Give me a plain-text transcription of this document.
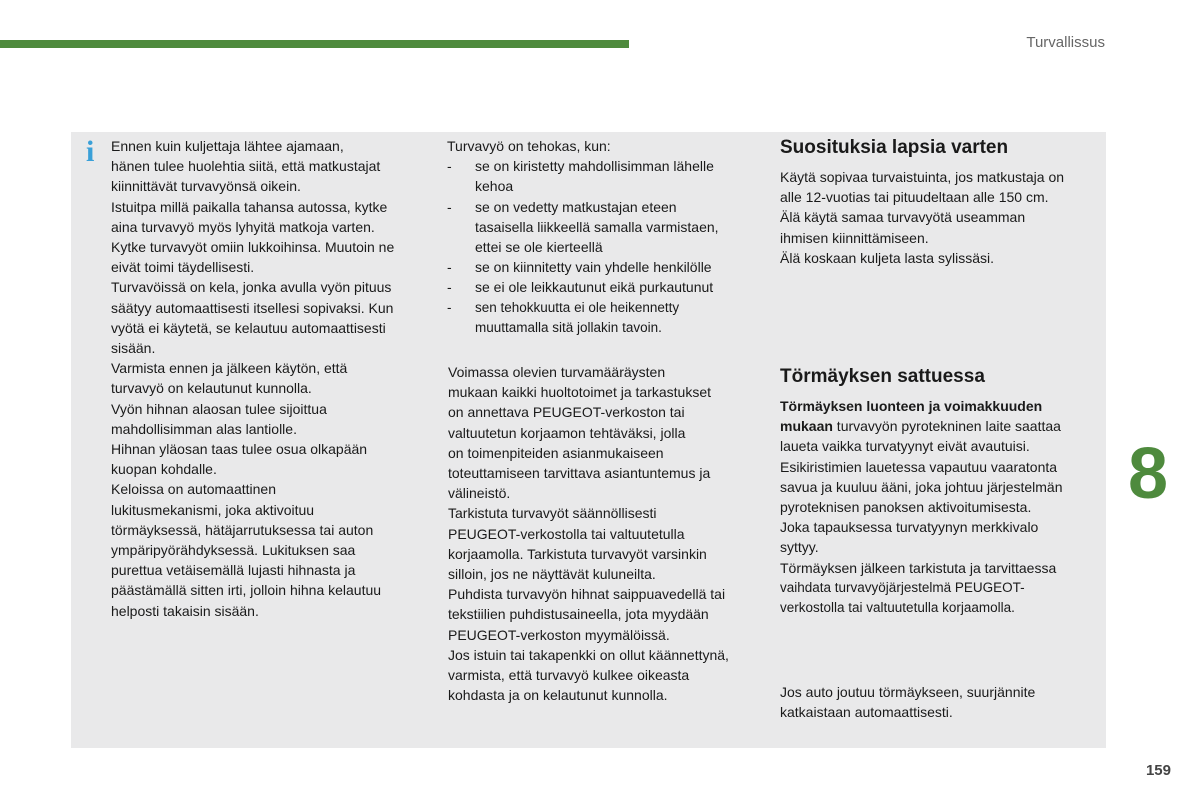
Turvallissus
i Ennen kuin kuljettaja lähtee ajamaan,

hänen tulee huolehtia siitä, että matkustajat

kiinnittävät turvavyönsä oikein.

Istuitpa millä paikalla tahansa autossa, kytke

aina turvavyö myös lyhyitä matkoja varten.

Kytke turvavyöt omiin lukkoihinsa. Muutoin ne

eivät toimi täydellisesti.

Turvavöissä on kela, jonka avulla vyön pituus

säätyy automaattisesti itsellesi sopivaksi. Kun

vyötä ei käytetä, se kelautuu automaattisesti

sisään.

Varmista ennen ja jälkeen käytön, että

turvavyö on kelautunut kunnolla.

Vyön hihnan alaosan tulee sijoittua

mahdollisimman alas lantiolle.

Hihnan yläosan taas tulee osua olkapään

kuopan kohdalle.

Keloissa on automaattinen

lukitusmekanismi, joka aktivoituu

törmäyksessä, hätäjarrutuksessa tai auton

ympäripyörähdyksessä. Lukituksen saa

purettua vetäisemällä lujasti hihnasta ja

päästämällä sitten irti, jolloin hihna kelautuu

helposti takaisin sisään.

Turvavyö on tehokas, kun:

- se on kiristetty mahdollisimman lähelle
kehoa
- se on vedetty matkustajan eteen
tasaisella liikkeellä samalla varmistaen,
ettei se ole kierteellä
- se on kiinnitetty vain yhdelle henkilölle
- se ei ole leikkautunut eikä purkautunut
- sen tehokkuutta ei ole heikennetty
muuttamalla sitä jollakin tavoin.

Voimassa olevien turvamääräysten

mukaan kaikki huoltotoimet ja tarkastukset

on annettava PEUGEOT-verkoston tai

valtuutetun korjaamon tehtäväksi, jolla

on toimenpiteiden asianmukaiseen

toteuttamiseen tarvittava asiantuntemus ja

välineistö.

Tarkistuta turvavyöt säännöllisesti

PEUGEOT-verkostolla tai valtuutetulla

korjaamolla. Tarkistuta turvavyöt varsinkin

silloin, jos ne näyttävät kuluneilta.

Puhdista turvavyön hihnat saippuavedellä tai

tekstiilien puhdistusaineella, jota myydään

PEUGEOT-verkoston myymälöissä.

Jos istuin tai takapenkki on ollut käännettynä,

varmista, että turvavyö kulkee oikeasta

kohdasta ja on kelautunut kunnolla.

Suosituksia lapsia varten

Käytä sopivaa turvaistuinta, jos matkustaja on

alle 12-vuotias tai pituudeltaan alle 150 cm.

Älä käytä samaa turvavyötä useamman

ihmisen kiinnittämiseen.

Älä koskaan kuljeta lasta sylissäsi.

Törmäyksen sattuessa

Törmäyksen luonteen ja voimakkuuden

mukaan turvavyön pyrotekninen laite saattaa

laueta vaikka turvatyynyt eivät avautuisi.

Esikiristimien lauetessa vapautuu vaaratonta

savua ja kuuluu ääni, joka johtuu järjestelmän

pyroteknisen panoksen aktivoitumisesta.

Joka tapauksessa turvatyynyn merkkivalo

syttyy.

Törmäyksen jälkeen tarkistuta ja tarvittaessa

vaihdata turvavyöjärjestelmä PEUGEOT-

verkostolla tai valtuutetulla korjaamolla.

Jos auto joutuu törmäykseen, suurjännite

katkaistaan automaattisesti.

8
159
